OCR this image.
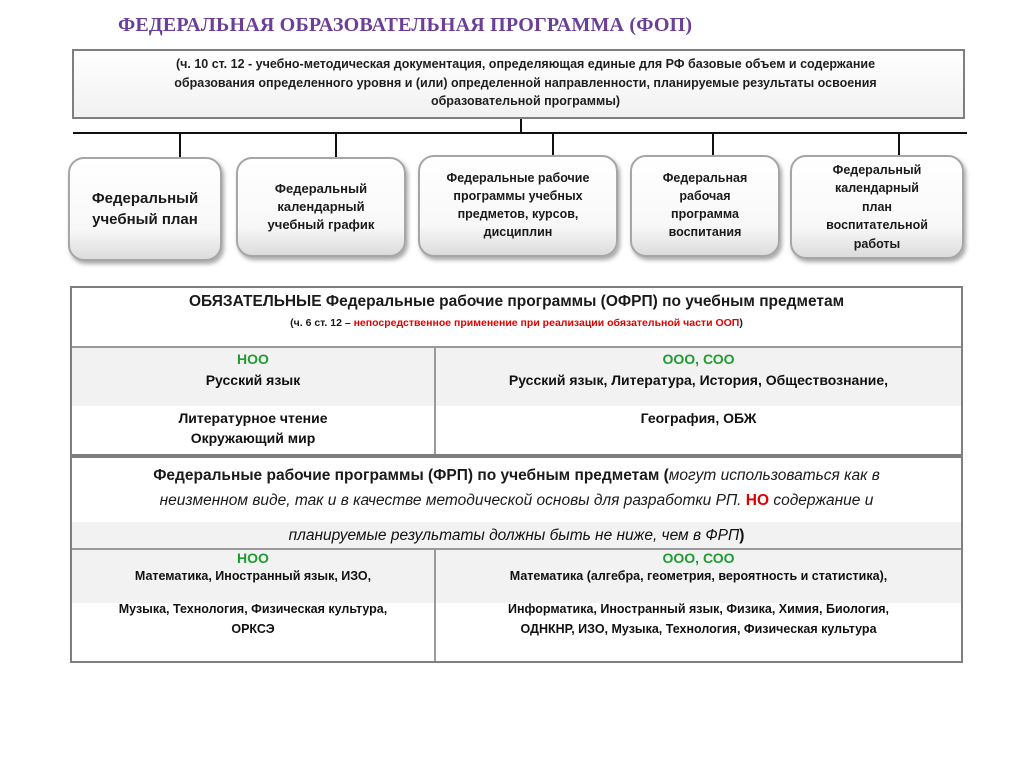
ФЕДЕРАЛЬНАЯ ОБРАЗОВАТЕЛЬНАЯ ПРОГРАММА (ФОП)
(ч. 10 ст. 12 - учебно-методическая документация, определяющая единые для РФ базовые объем и содержание
образования определенного уровня и (или) определенной направленности, планируемые результаты освоения
образовательной программы)
Федеральный
учебный план
Федеральный
календарный
учебный график
Федеральные рабочие
программы учебных
предметов, курсов,
дисциплин
Федеральная
рабочая
программа
воспитания
Федеральный
календарный
план
воспитательной
работы
ОБЯЗАТЕЛЬНЫЕ Федеральные рабочие программы (ОФРП) по учебным предметам
(ч. 6 ст. 12 – непосредственное применение при реализации обязательной части ООП)
НОО
Русский язык
Литературное чтение
Окружающий мир
ООО, СОО
Русский язык, Литература, История, Обществознание,
География, ОБЖ
Федеральные рабочие программы (ФРП) по учебным предметам (могут использоваться как в
неизменном виде, так и в качестве методической основы для разработки РП. НО содержание и
планируемые результаты должны быть не ниже, чем в ФРП)
НОО
Математика, Иностранный язык, ИЗО,
Музыка, Технология, Физическая культура,
ОРКСЭ
ООО, СОО
Математика (алгебра, геометрия, вероятность и статистика),
Информатика, Иностранный язык, Физика, Химия, Биология,
ОДНКНР, ИЗО, Музыка, Технология, Физическая культура
